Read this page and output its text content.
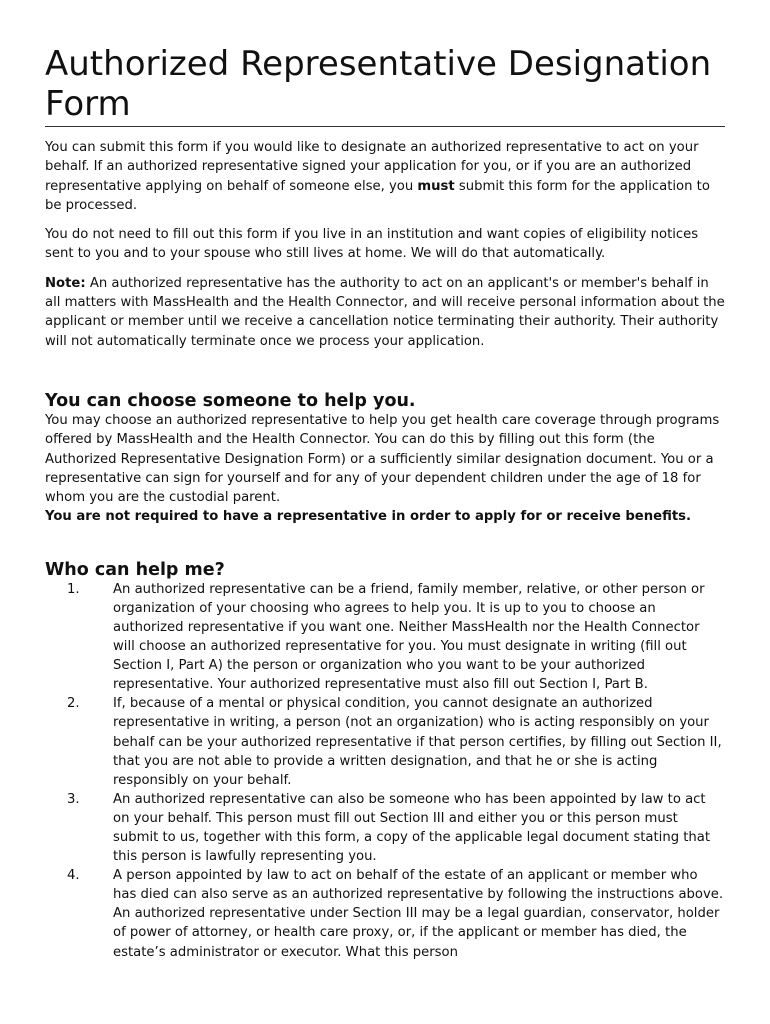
Authorized Representative Designation Form

You can submit this form if you would like to designate an authorized representative to act on your behalf. If an authorized representative signed your application for you, or if you are an authorized representative applying on behalf of someone else, you must submit this form for the application to be processed.

You do not need to fill out this form if you live in an institution and want copies of eligibility notices sent to you and to your spouse who still lives at home. We will do that automatically.

Note: An authorized representative has the authority to act on an applicant's or member's behalf in all matters with MassHealth and the Health Connector, and will receive personal information about the applicant or member until we receive a cancellation notice terminating their authority. Their authority will not automatically terminate once we process your application.

You can choose someone to help you.

You may choose an authorized representative to help you get health care coverage through programs offered by MassHealth and the Health Connector. You can do this by filling out this form (the Authorized Representative Designation Form) or a sufficiently similar designation document. You or a representative can sign for yourself and for any of your dependent children under the age of 18 for whom you are the custodial parent.

You are not required to have a representative in order to apply for or receive benefits.

Who can help me?
1.	An authorized representative can be a friend, family member, relative, or other person or organization of your choosing who agrees to help you. It is up to you to choose an authorized representative if you want one. Neither MassHealth nor the Health Connector will choose an authorized representative for you. You must designate in writing (fill out Section I, Part A) the person or organization who you want to be your authorized representative. Your authorized representative must also fill out Section I, Part B.
2.	If, because of a mental or physical condition, you cannot designate an authorized representative in writing, a person (not an organization) who is acting responsibly on your behalf can be your authorized representative if that person certifies, by filling out Section II, that you are not able to provide a written designation, and that he or she is acting responsibly on your behalf.
3.	An authorized representative can also be someone who has been appointed by law to act on your behalf. This person must fill out Section III and either you or this person must submit to us, together with this form, a copy of the applicable legal document stating that this person is lawfully representing you.
4.	A person appointed by law to act on behalf of the estate of an applicant or member who has died can also serve as an authorized representative by following the instructions above. An authorized representative under Section III may be a legal guardian, conservator, holder of power of attorney, or health care proxy, or, if the applicant or member has died, the estate’s administrator or executor. What this person
